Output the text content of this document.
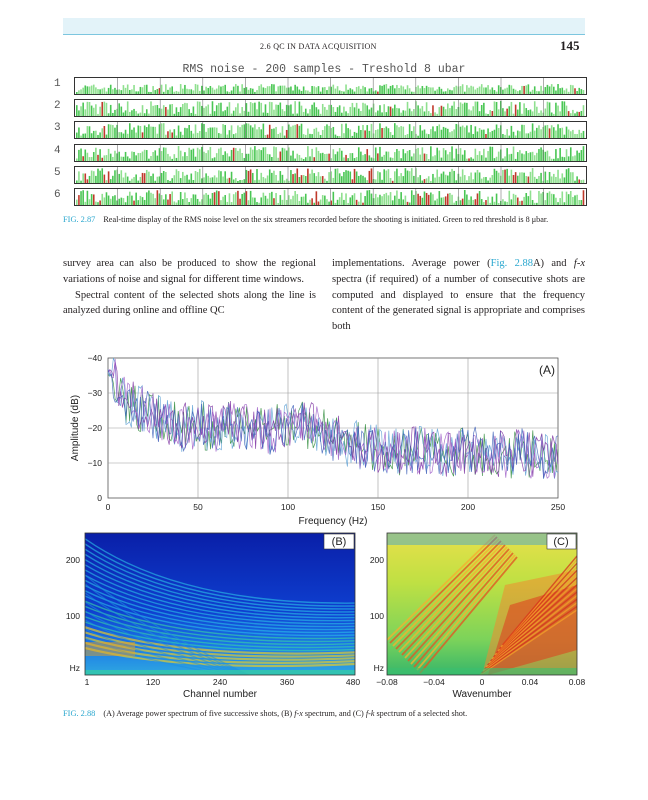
2.6 QC IN DATA ACQUISITION	145
RMS noise - 200 samples - Treshold 8 ubar
1
2
3
4
5
6
FIG. 2.87 Real-time display of the RMS noise level on the six streamers recorded before the shooting is initiated. Green to red threshold is 8 μbar.

survey area can also be produced to show the regional variations of noise and signal for different time windows.

Spectral content of the selected shots along the line is analyzed during online and offline QC

implementations. Average power (Fig. 2.88A) and f-x spectra (if required) of a number of consecutive shots are computed and displayed to ensure that the frequency content of the generated signal is appropriate and comprises both

−40
−30
−20
−10
0
0	50	100	150	200	250
(A)
Frequency (Hz)
Amplitude (dB)
(B)
1	120	240	360	480
200
100
Hz
Channel number
(C)
−0.08	−0.04	0	0.04	0.08
200
100
Hz
Wavenumber
FIG. 2.88 (A) Average power spectrum of five successive shots, (B) f-x spectrum, and (C) f-k spectrum of a selected shot.
